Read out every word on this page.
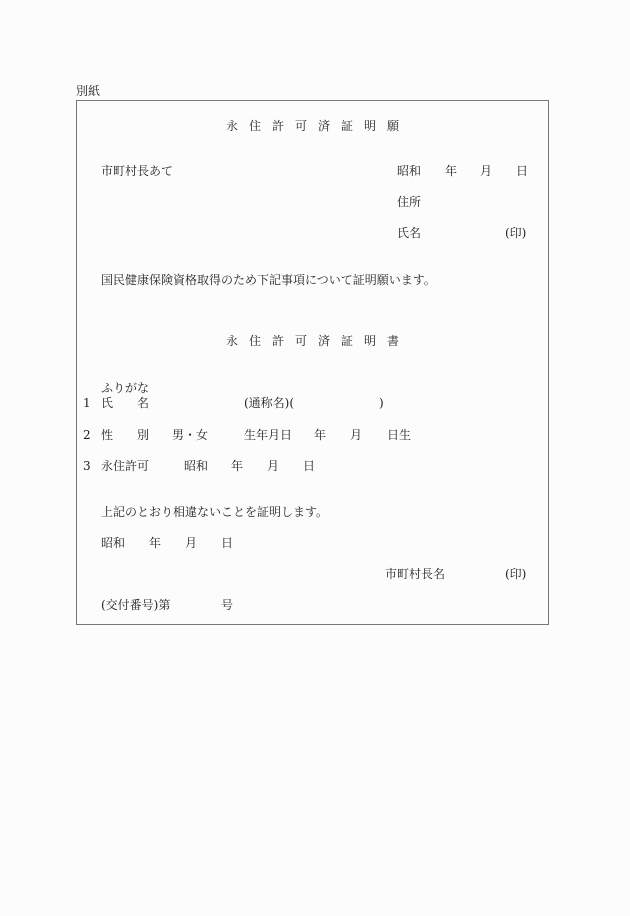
別紙
永住許可済証明願
市町村長あて	昭和 年 月 日
住所
氏名	(印)
国民健康保険資格取得のため下記事項について証明願います。
永住許可済証明書
ふりがな
1 氏 名	(通称名)(	)
2 性 別 男・女	生年月日 年 月 日生
3 永住許可	昭和 年 月 日
上記のとおり相違ないことを証明します。
昭和 年 月 日
市町村長名	(印)
(交付番号)第	号
